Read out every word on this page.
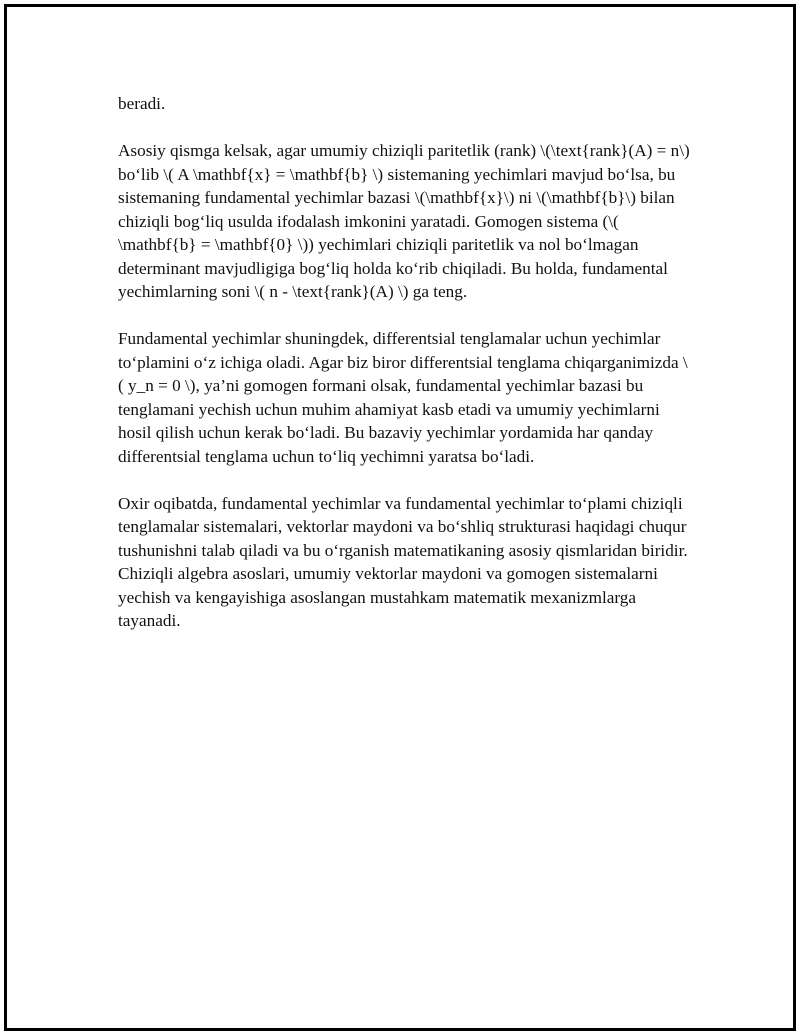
beradi.

Asosiy qismga kelsak, agar umumiy chiziqli paritetlik (rank) \(\text{rank}(A) = n\) bo‘lib \( A \mathbf{x} = \mathbf{b} \) sistemaning yechimlari mavjud bo‘lsa, bu sistemaning fundamental yechimlar bazasi \(\mathbf{x}\) ni \(\mathbf{b}\) bilan chiziqli bog‘liq usulda ifodalash imkonini yaratadi. Gomogen sistema (\( \mathbf{b} = \mathbf{0} \)) yechimlari chiziqli paritetlik va nol bo‘lmagan determinant mavjudligiga bog‘liq holda ko‘rib chiqiladi. Bu holda, fundamental yechimlarning soni \( n - \text{rank}(A) \) ga teng.

Fundamental yechimlar shuningdek, differentsial tenglamalar uchun yechimlar to‘plamini o‘z ichiga oladi. Agar biz biror differentsial tenglama chiqarganimizda \( y_n = 0 \), ya’ni gomogen formani olsak, fundamental yechimlar bazasi bu tenglamani yechish uchun muhim ahamiyat kasb etadi va umumiy yechimlarni hosil qilish uchun kerak bo‘ladi. Bu bazaviy yechimlar yordamida har qanday differentsial tenglama uchun to‘liq yechimni yaratsa bo‘ladi.

Oxir oqibatda, fundamental yechimlar va fundamental yechimlar to‘plami chiziqli tenglamalar sistemalari, vektorlar maydoni va bo‘shliq strukturasi haqidagi chuqur tushunishni talab qiladi va bu o‘rganish matematikaning asosiy qismlaridan biridir. Chiziqli algebra asoslari, umumiy vektorlar maydoni va gomogen sistemalarni yechish va kengayishiga asoslangan mustahkam matematik mexanizmlarga tayanadi.
